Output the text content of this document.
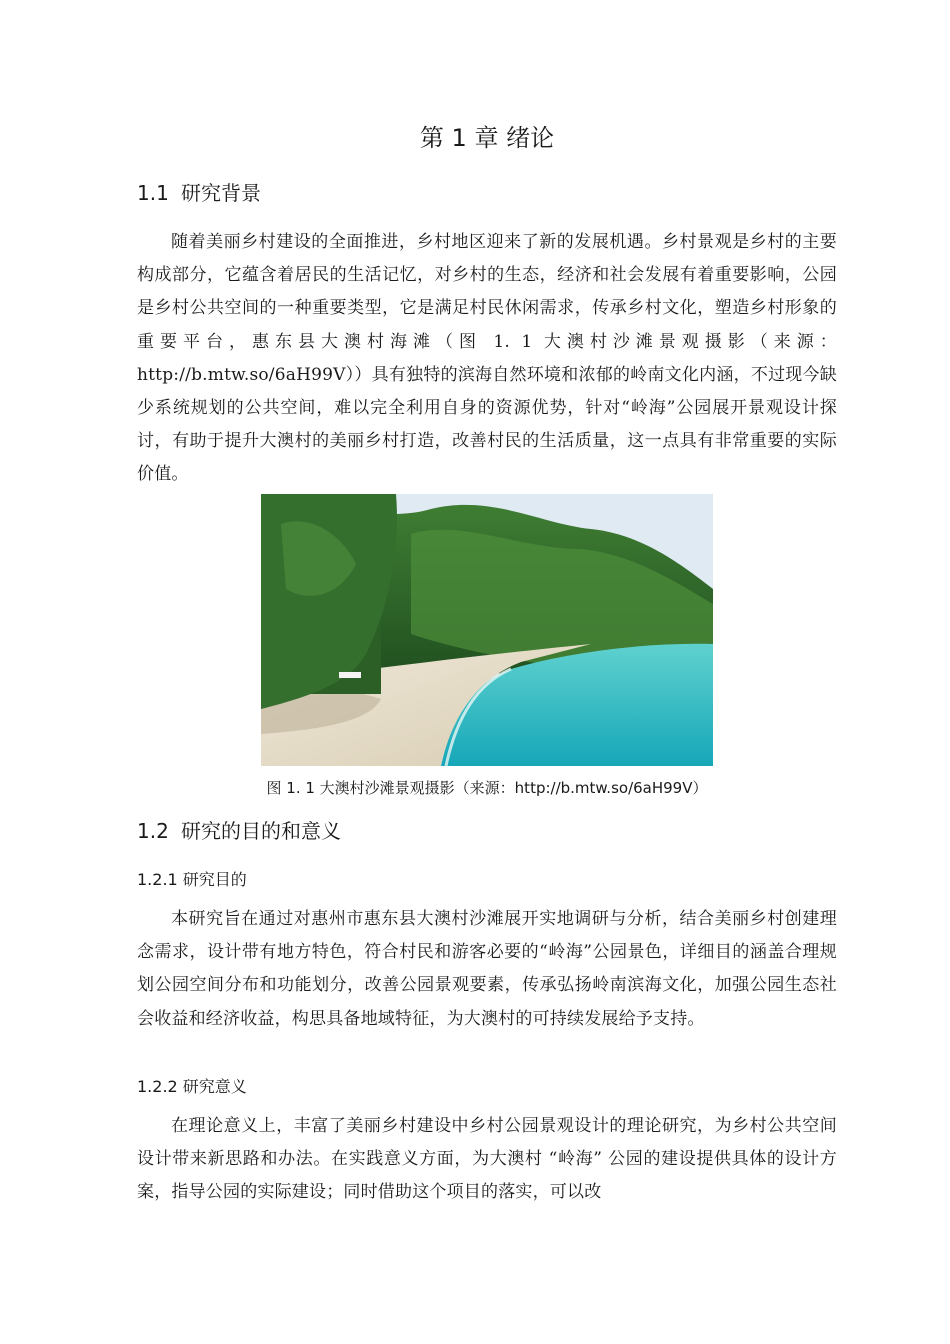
第 1 章 绪论
1.1 研究背景
随着美丽乡村建设的全面推进，乡村地区迎来了新的发展机遇。乡村景观是乡村的主要构成部分，它蕴含着居民的生活记忆，对乡村的生态，经济和社会发展有着重要影响，公园是乡村公共空间的一种重要类型，它是满足村民休闲需求，传承乡村文化，塑造乡村形象的重要平台，惠东县大澳村海滩（图 1. 1 大澳村沙滩景观摄影（来源：http://b.mtw.so/6aH99V））具有独特的滨海自然环境和浓郁的岭南文化内涵，不过现今缺少系统规划的公共空间，难以完全利用自身的资源优势，针对“岭海”公园展开景观设计探讨，有助于提升大澳村的美丽乡村打造，改善村民的生活质量，这一点具有非常重要的实际价值。
图 1. 1 大澳村沙滩景观摄影（来源：http://b.mtw.so/6aH99V）
1.2 研究的目的和意义
1.2.1 研究目的
本研究旨在通过对惠州市惠东县大澳村沙滩展开实地调研与分析，结合美丽乡村创建理念需求，设计带有地方特色，符合村民和游客必要的“岭海”公园景色，详细目的涵盖合理规划公园空间分布和功能划分，改善公园景观要素，传承弘扬岭南滨海文化，加强公园生态社会收益和经济收益，构思具备地域特征，为大澳村的可持续发展给予支持。
1.2.2 研究意义
在理论意义上，丰富了美丽乡村建设中乡村公园景观设计的理论研究，为乡村公共空间设计带来新思路和办法。在实践意义方面，为大澳村 “岭海” 公园的建设提供具体的设计方案，指导公园的实际建设；同时借助这个项目的落实，可以改
